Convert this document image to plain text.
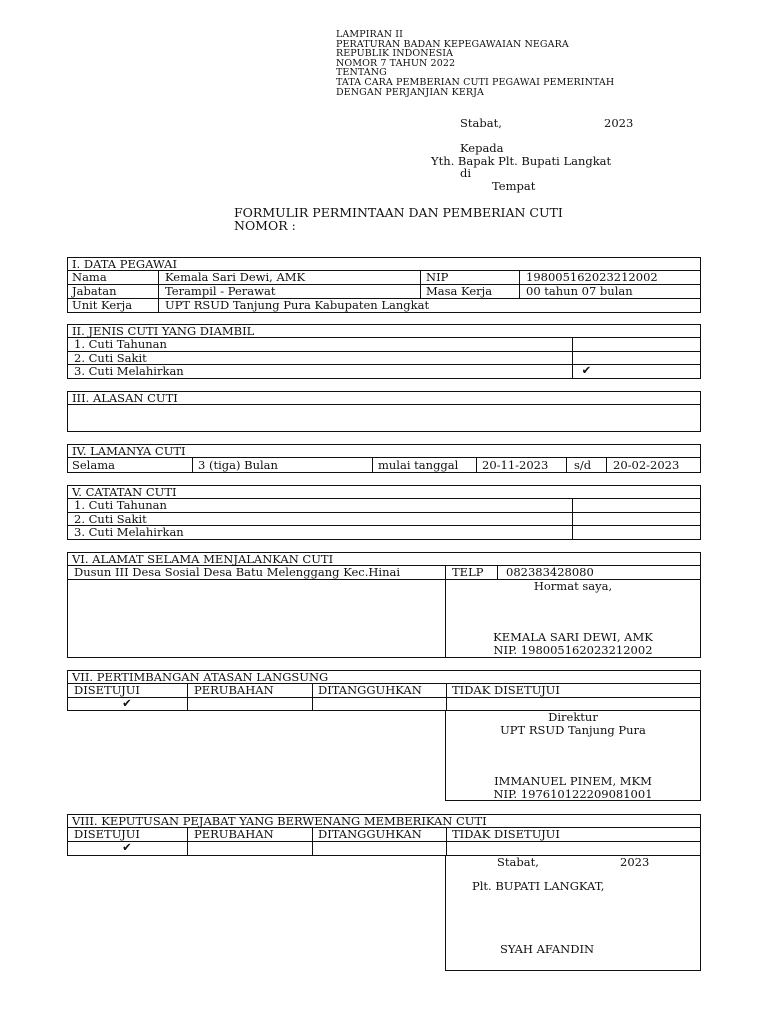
LAMPIRAN II
PERATURAN BADAN KEPEGAWAIAN NEGARA
REPUBLIK INDONESIA
NOMOR 7 TAHUN 2022
TENTANG
TATA CARA PEMBERIAN CUTI PEGAWAI PEMERINTAH
DENGAN PERJANJIAN KERJA
Stabat,	2023
Kepada
Yth. Bapak Plt. Bupati Langkat
di
Tempat
FORMULIR PERMINTAAN DAN PEMBERIAN CUTI
NOMOR :
I. DATA PEGAWAI
Nama	Kemala Sari Dewi, AMK	NIP	198005162023212002
Jabatan	Terampil - Perawat	Masa Kerja	00 tahun 07 bulan
Unit Kerja	UPT RSUD Tanjung Pura Kabupaten Langkat
II. JENIS CUTI YANG DIAMBIL
1. Cuti Tahunan
2. Cuti Sakit
3. Cuti Melahirkan	✔
III. ALASAN CUTI
IV. LAMANYA CUTI
Selama	3 (tiga) Bulan	mulai tanggal 20-11-2023 s/d 20-02-2023
V. CATATAN CUTI
1. Cuti Tahunan
2. Cuti Sakit
3. Cuti Melahirkan
VI. ALAMAT SELAMA MENJALANKAN CUTI
Dusun III Desa Sosial Desa Batu Melenggang Kec.Hinai	TELP 082383428080
Hormat saya,
KEMALA SARI DEWI, AMK
NIP. 198005162023212002
VII. PERTIMBANGAN ATASAN LANGSUNG
DISETUJUI	PERUBAHAN	DITANGGUHKAN	TIDAK DISETUJUI
✔
Direktur
UPT RSUD Tanjung Pura
IMMANUEL PINEM, MKM
NIP. 197610122209081001
VIII. KEPUTUSAN PEJABAT YANG BERWENANG MEMBERIKAN CUTI
DISETUJUI	PERUBAHAN	DITANGGUHKAN	TIDAK DISETUJUI
✔
Stabat,	2023
Plt. BUPATI LANGKAT,
SYAH AFANDIN
